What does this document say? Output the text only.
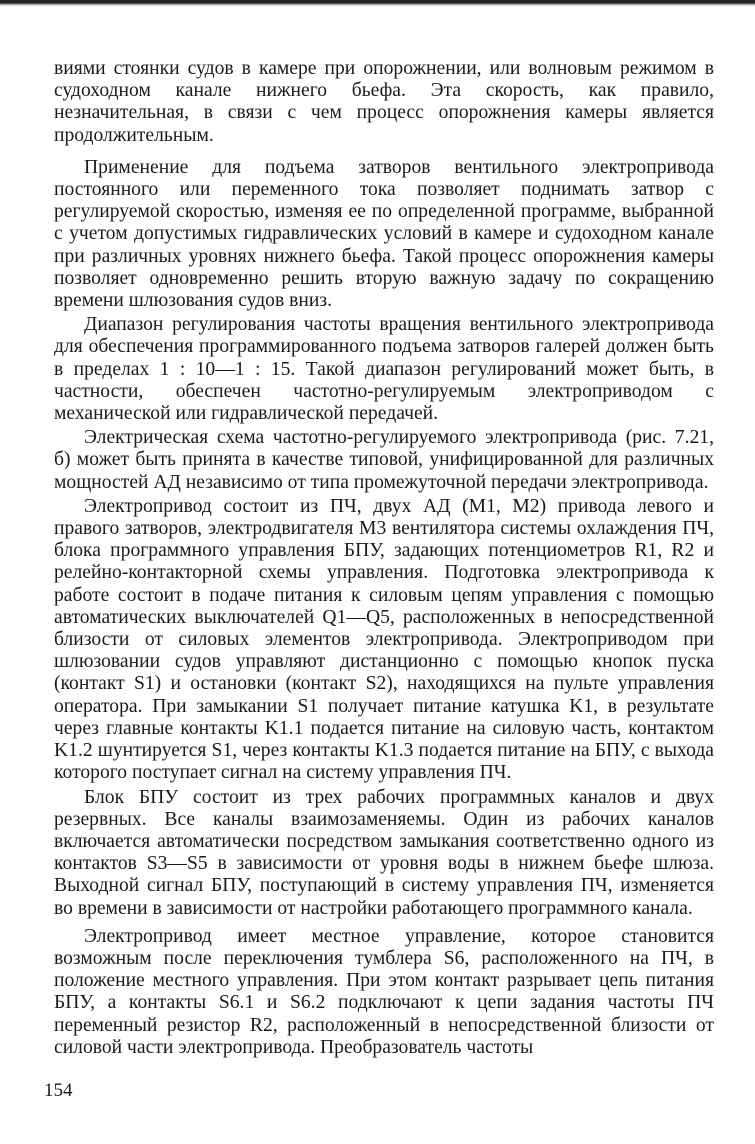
виями стоянки судов в камере при опорожнении, или волновым режимом в судоходном канале нижнего бьефа. Эта скорость, как правило, незначительная, в связи с чем процесс опорожнения камеры является продолжительным.

Применение для подъема затворов вентильного электропривода постоянного или переменного тока позволяет поднимать затвор с регулируемой скоростью, изменяя ее по определенной программе, выбранной с учетом допустимых гидравлических условий в камере и судоходном канале при различных уровнях нижнего бьефа. Такой процесс опорожнения камеры позволяет одновременно решить вторую важную задачу по сокращению времени шлюзования судов вниз.

Диапазон регулирования частоты вращения вентильного электропривода для обеспечения программированного подъема затворов галерей должен быть в пределах 1 : 10—1 : 15. Такой диапазон регулирований может быть, в частности, обеспечен частотно-регулируемым электроприводом с механической или гидравлической передачей.

Электрическая схема частотно-регулируемого электропривода (рис. 7.21, б) может быть принята в качестве типовой, унифицированной для различных мощностей АД независимо от типа промежуточной передачи электропривода.

Электропривод состоит из ПЧ, двух АД (M1, M2) привода левого и правого затворов, электродвигателя M3 вентилятора системы охлаждения ПЧ, блока программного управления БПУ, задающих потенциометров R1, R2 и релейно-контакторной схемы управления. Подготовка электропривода к работе состоит в подаче питания к силовым цепям управления с помощью автоматических выключателей Q1—Q5, расположенных в непосредственной близости от силовых элементов электропривода. Электроприводом при шлюзовании судов управляют дистанционно с помощью кнопок пуска (контакт S1) и остановки (контакт S2), находящихся на пульте управления оператора. При замыкании S1 получает питание катушка K1, в результате через главные контакты K1.1 подается питание на силовую часть, контактом K1.2 шунтируется S1, через контакты K1.3 подается питание на БПУ, с выхода которого поступает сигнал на систему управления ПЧ.

Блок БПУ состоит из трех рабочих программных каналов и двух резервных. Все каналы взаимозаменяемы. Один из рабочих каналов включается автоматически посредством замыкания соответственно одного из контактов S3—S5 в зависимости от уровня воды в нижнем бьефе шлюза. Выходной сигнал БПУ, поступающий в систему управления ПЧ, изменяется во времени в зависимости от настройки работающего программного канала.

Электропривод имеет местное управление, которое становится возможным после переключения тумблера S6, расположенного на ПЧ, в положение местного управления. При этом контакт разрывает цепь питания БПУ, а контакты S6.1 и S6.2 подключают к цепи задания частоты ПЧ переменный резистор R2, расположенный в непосредственной близости от силовой части электропривода. Преобразователь частоты

154
